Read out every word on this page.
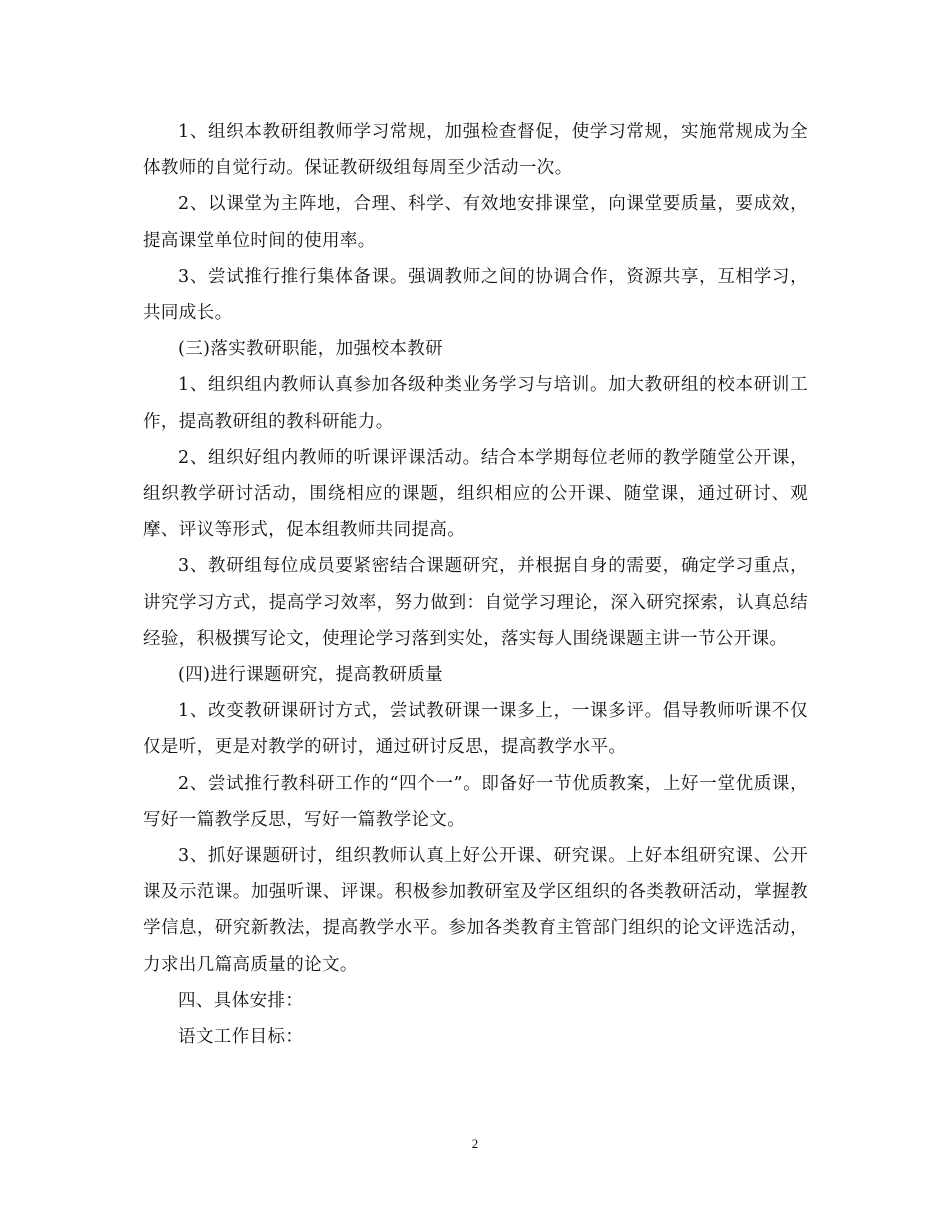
1、组织本教研组教师学习常规，加强检查督促，使学习常规，实施常规成为全体教师的自觉行动。保证教研级组每周至少活动一次。

2、以课堂为主阵地，合理、科学、有效地安排课堂，向课堂要质量，要成效，提高课堂单位时间的使用率。

3、尝试推行推行集体备课。强调教师之间的协调合作，资源共享，互相学习，共同成长。

(三)落实教研职能，加强校本教研

1、组织组内教师认真参加各级种类业务学习与培训。加大教研组的校本研训工作，提高教研组的教科研能力。

2、组织好组内教师的听课评课活动。结合本学期每位老师的教学随堂公开课，组织教学研讨活动，围绕相应的课题，组织相应的公开课、随堂课，通过研讨、观摩、评议等形式，促本组教师共同提高。

3、教研组每位成员要紧密结合课题研究，并根据自身的需要，确定学习重点，讲究学习方式，提高学习效率，努力做到：自觉学习理论，深入研究探索，认真总结经验，积极撰写论文，使理论学习落到实处，落实每人围绕课题主讲一节公开课。

(四)进行课题研究，提高教研质量

1、改变教研课研讨方式，尝试教研课一课多上，一课多评。倡导教师听课不仅仅是听，更是对教学的研讨，通过研讨反思，提高教学水平。

2、尝试推行教科研工作的“四个一”。即备好一节优质教案，上好一堂优质课，写好一篇教学反思，写好一篇教学论文。

3、抓好课题研讨，组织教师认真上好公开课、研究课。上好本组研究课、公开课及示范课。加强听课、评课。积极参加教研室及学区组织的各类教研活动，掌握教学信息，研究新教法，提高教学水平。参加各类教育主管部门组织的论文评选活动，力求出几篇高质量的论文。

四、具体安排：

语文工作目标：

2
